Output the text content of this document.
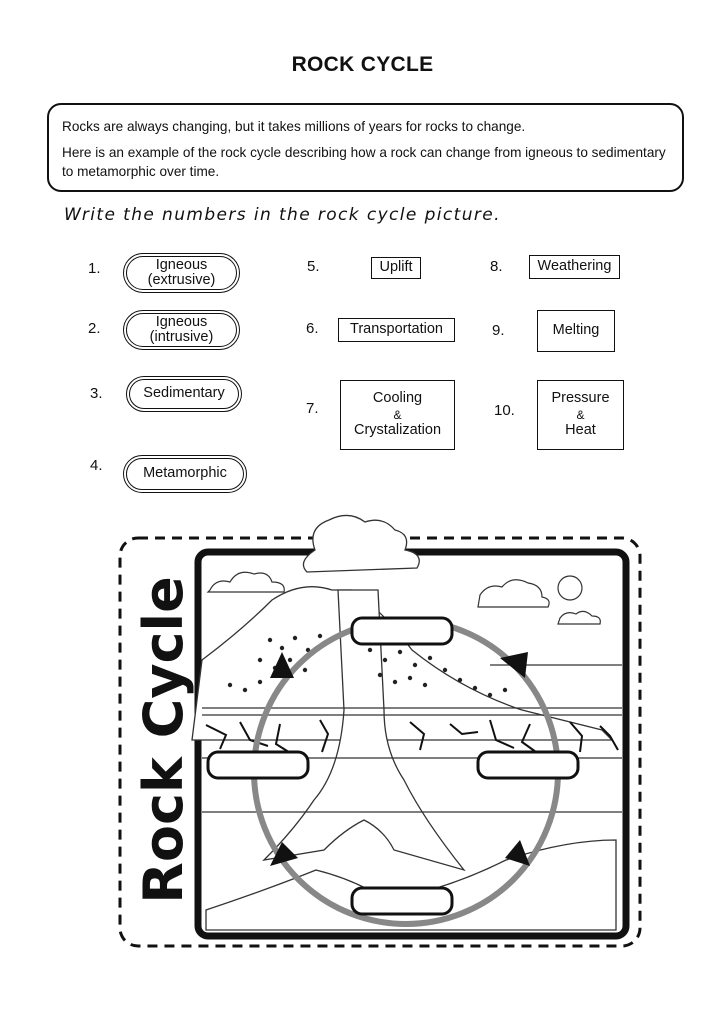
ROCK CYCLE

Rocks are always changing, but it takes millions of years for rocks to change.

Here is an example of the rock cycle describing how a rock can change from igneous to sedimentary to metamorphic over time.

Write the numbers in the rock cycle picture.
1.	Igneous
(extrusive)
2.	Igneous
(intrusive)
3.	Sedimentary
4.	Metamorphic
5.	Uplift
6. Transportation
7.
Cooling
&
Crystalization
8. Weathering
9.	Melting
10.
Pressure
&
Heat
Rock Cycle
